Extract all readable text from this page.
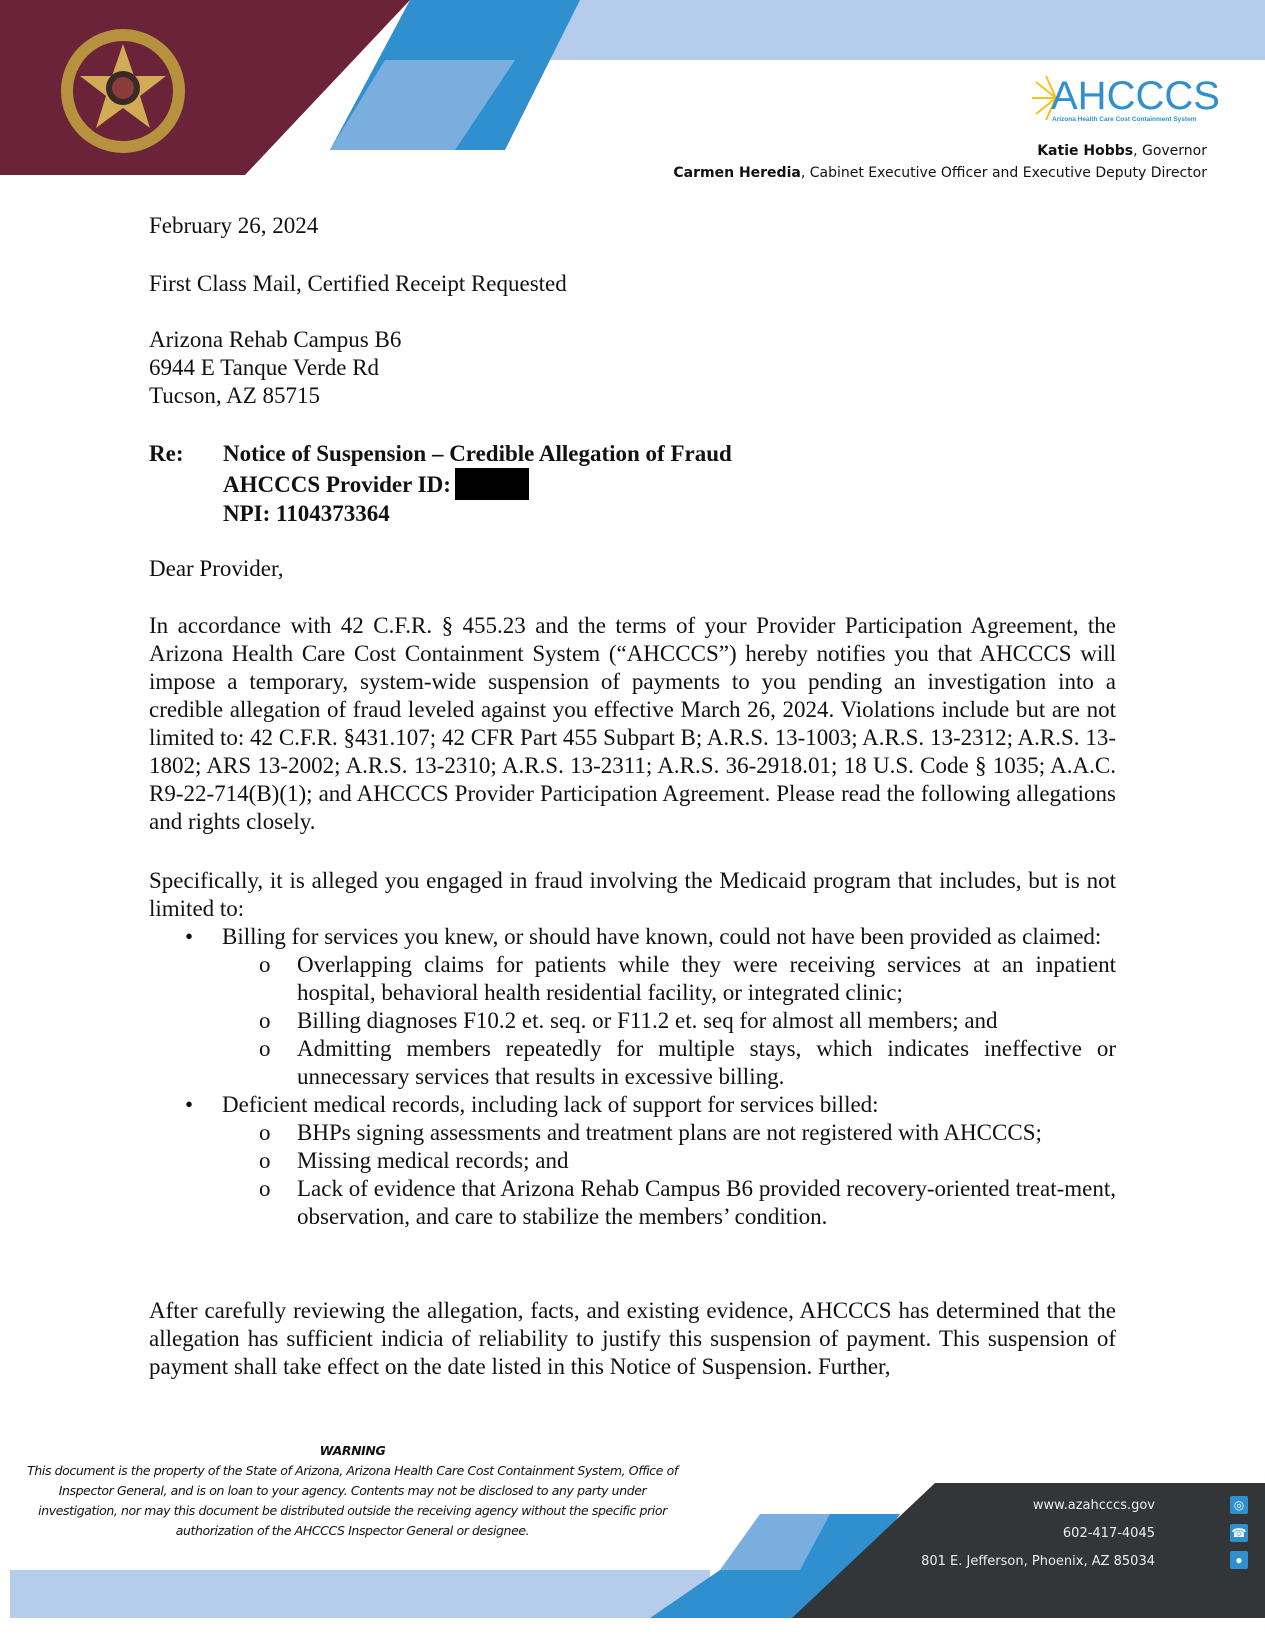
AHCCCS
Arizona Health Care Cost Containment System
Katie Hobbs, Governor
Carmen Heredia, Cabinet Executive Officer and Executive Deputy Director
February 26, 2024
First Class Mail, Certified Receipt Requested
Arizona Rehab Campus B6
6944 E Tanque Verde Rd
Tucson, AZ 85715
Re: Notice of Suspension – Credible Allegation of Fraud
AHCCCS Provider ID:
NPI: 1104373364
Dear Provider,
In accordance with 42 C.F.R. § 455.23 and the terms of your Provider Participation Agreement, the Arizona Health Care Cost Containment System (“AHCCCS”) hereby notifies you that AHCCCS will impose a temporary, system-wide suspension of payments to you pending an investigation into a credible allegation of fraud leveled against you effective March 26, 2024. Violations include but are not limited to: 42 C.F.R. §431.107; 42 CFR Part 455 Subpart B; A.R.S. 13-1003; A.R.S. 13-2312; A.R.S. 13-1802; ARS 13-2002; A.R.S. 13-2310; A.R.S. 13-2311; A.R.S. 36-2918.01; 18 U.S. Code § 1035; A.A.C. R9-22-714(B)(1); and AHCCCS Provider Participation Agreement. Please read the following allegations and rights closely.
Specifically, it is alleged you engaged in fraud involving the Medicaid program that includes, but is not limited to:
• Billing for services you knew, or should have known, could not have been provided as claimed:
o Overlapping claims for patients while they were receiving services at an inpatient hospital, behavioral health residential facility, or integrated clinic;
o Billing diagnoses F10.2 et. seq. or F11.2 et. seq for almost all members; and
o Admitting members repeatedly for multiple stays, which indicates ineffective or unnecessary services that results in excessive billing.
• Deficient medical records, including lack of support for services billed:
o BHPs signing assessments and treatment plans are not registered with AHCCCS;
o Missing medical records; and
o Lack of evidence that Arizona Rehab Campus B6 provided recovery-oriented treat-ment, observation, and care to stabilize the members’ condition.
After carefully reviewing the allegation, facts, and existing evidence, AHCCCS has determined that the allegation has sufficient indicia of reliability to justify this suspension of payment. This suspension of payment shall take effect on the date listed in this Notice of Suspension. Further,
WARNING
This document is the property of the State of Arizona, Arizona Health Care Cost Containment System, Office of Inspector General, and is on loan to your agency. Contents may not be disclosed to any party under investigation, nor may this document be distributed outside the receiving agency without the specific prior authorization of the AHCCCS Inspector General or designee.
www.azahcccs.gov	◎
602-417-4045	☎
801 E. Jefferson, Phoenix, AZ 85034	●
